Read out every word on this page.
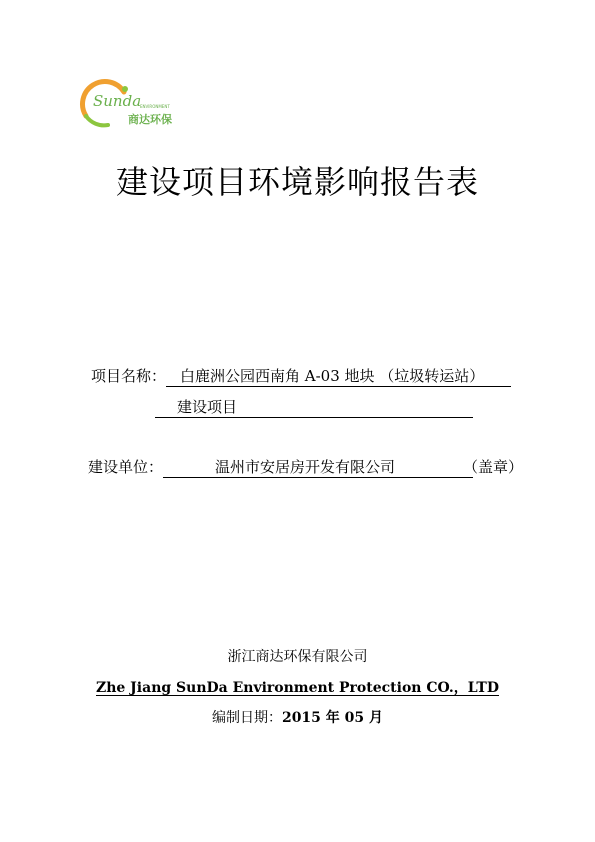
Sunda
ENVIRONMENT
商达环保
建设项目环境影响报告表
项目名称： 白鹿洲公园西南角 A-03 地块 （垃圾转运站）
建设项目
建设单位：	温州市安居房开发有限公司	（盖章）
浙江商达环保有限公司
Zhe Jiang SunDa Environment Protection CO.，LTD
编制日期：2015 年 05 月
